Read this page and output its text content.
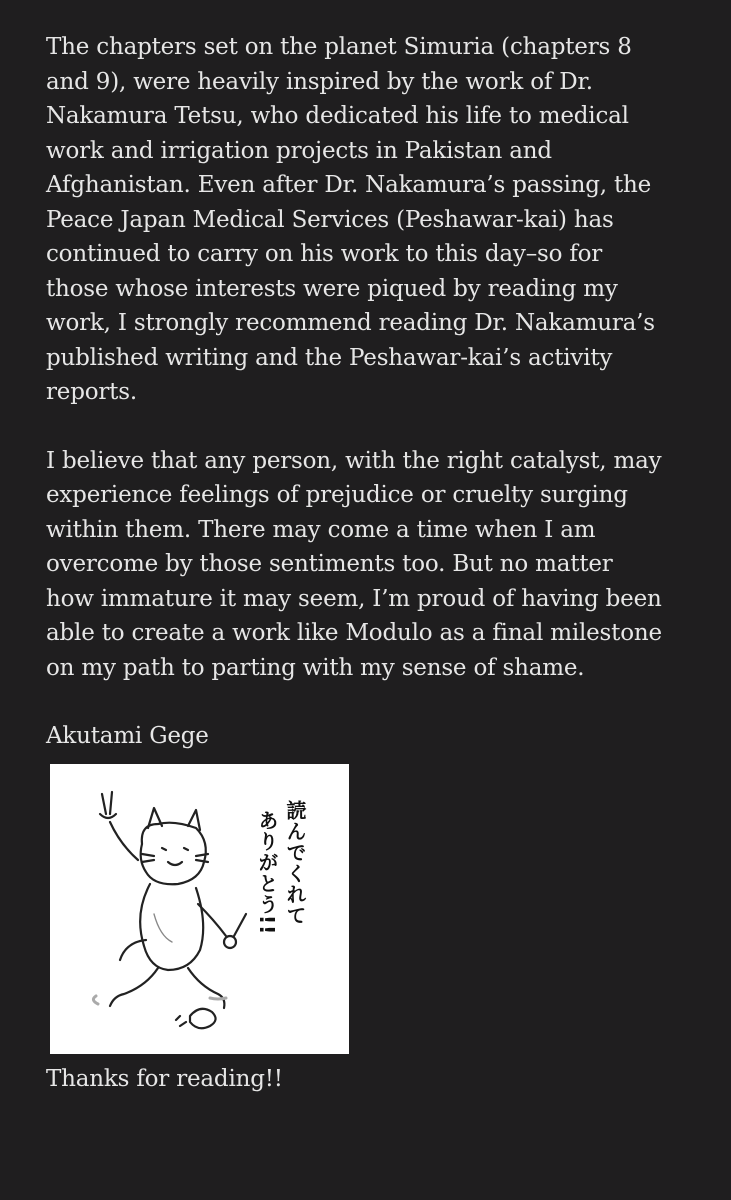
The chapters set on the planet Simuria (chapters 8
and 9), were heavily inspired by the work of Dr.
Nakamura Tetsu, who dedicated his life to medical
work and irrigation projects in Pakistan and
Afghanistan. Even after Dr. Nakamura’s passing, the
Peace Japan Medical Services (Peshawar-kai) has
continued to carry on his work to this day–so for
those whose interests were piqued by reading my
work, I strongly recommend reading Dr. Nakamura’s
published writing and the Peshawar-kai’s activity
reports.

I believe that any person, with the right catalyst, may
experience feelings of prejudice or cruelty surging
within them. There may come a time when I am
overcome by those sentiments too. But no matter
how immature it may seem, I’m proud of having been
able to create a work like Modulo as a final milestone
on my path to parting with my sense of shame.

Akutami Gege

読んでくれて
ありがとう!!

Thanks for reading!!
